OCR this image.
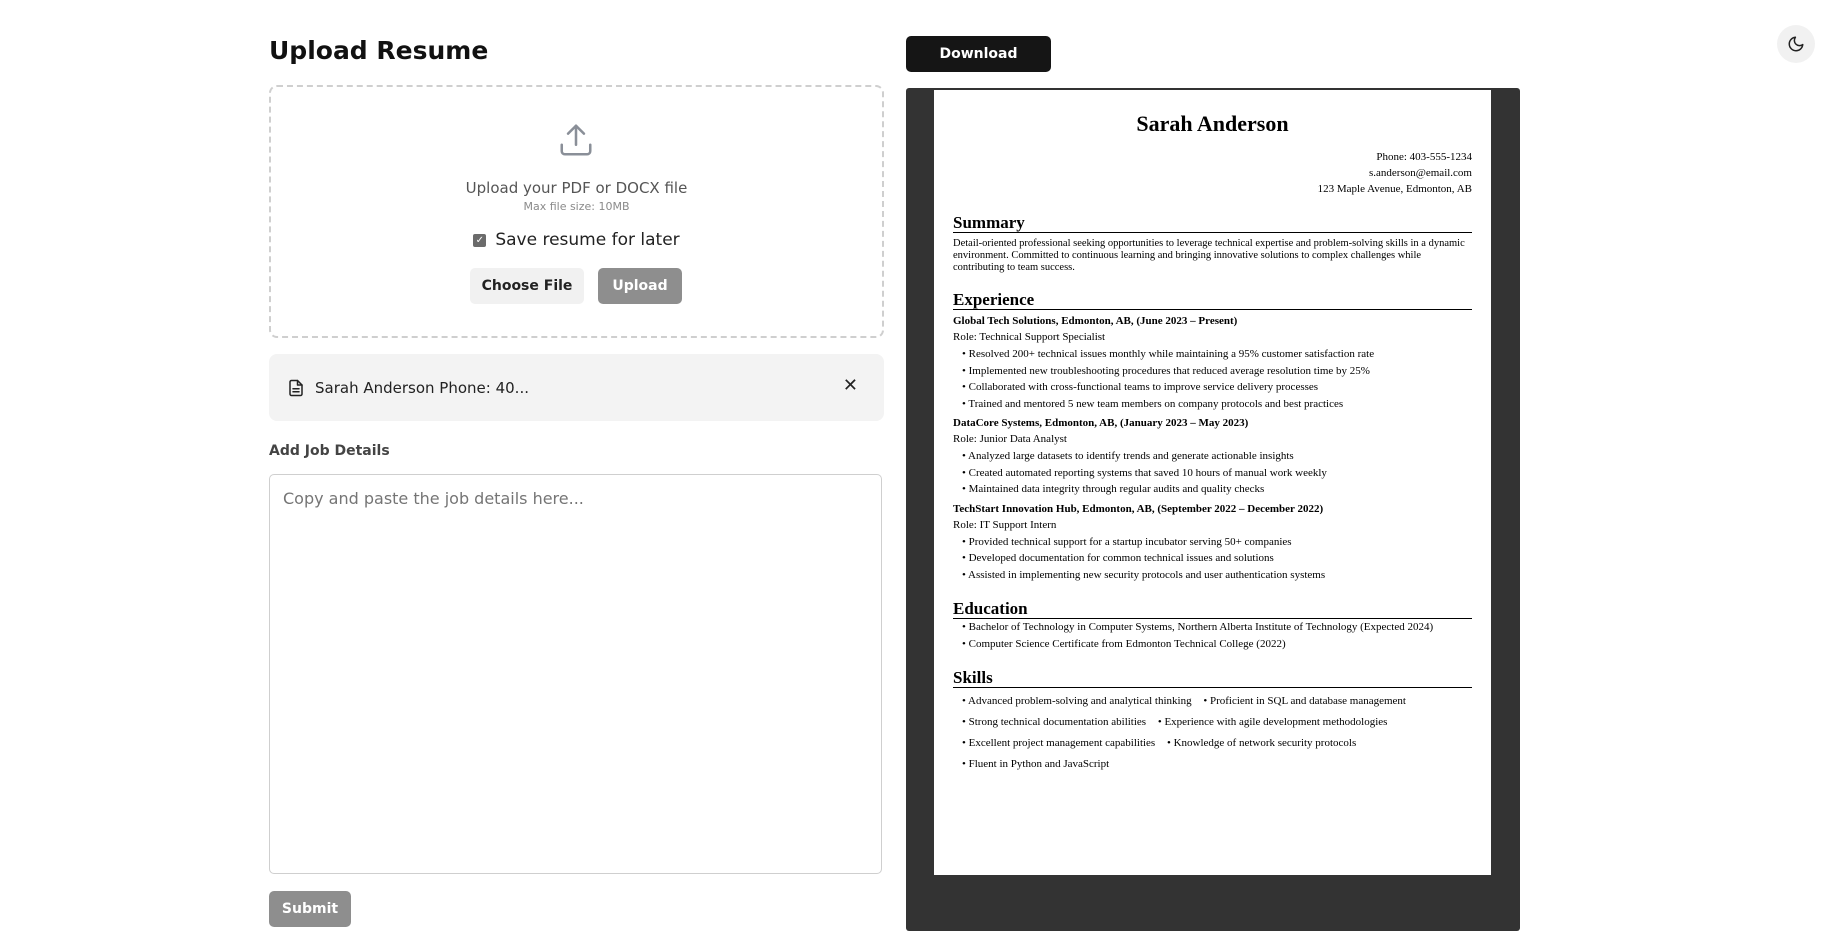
Upload Resume
Upload your PDF or DOCX file
Max file size: 10MB
✓ Save resume for later
Choose File	Upload
Sarah Anderson Phone: 40...	✕
Add Job Details
Copy and paste the job details here...
Submit
Download
Sarah Anderson
Phone: 403-555-1234
s.anderson@email.com
123 Maple Avenue, Edmonton, AB
Summary
Detail-oriented professional seeking opportunities to leverage technical expertise and problem-solving skills in a dynamic environment. Committed to continuous learning and bringing innovative solutions to complex challenges while contributing to team success.
Experience
Global Tech Solutions, Edmonton, AB, (June 2023 – Present)
Role: Technical Support Specialist
• Resolved 200+ technical issues monthly while maintaining a 95% customer satisfaction rate
• Implemented new troubleshooting procedures that reduced average resolution time by 25%
• Collaborated with cross-functional teams to improve service delivery processes
• Trained and mentored 5 new team members on company protocols and best practices
DataCore Systems, Edmonton, AB, (January 2023 – May 2023)
Role: Junior Data Analyst
• Analyzed large datasets to identify trends and generate actionable insights
• Created automated reporting systems that saved 10 hours of manual work weekly
• Maintained data integrity through regular audits and quality checks
TechStart Innovation Hub, Edmonton, AB, (September 2022 – December 2022)
Role: IT Support Intern
• Provided technical support for a startup incubator serving 50+ companies
• Developed documentation for common technical issues and solutions
• Assisted in implementing new security protocols and user authentication systems
Education
• Bachelor of Technology in Computer Systems, Northern Alberta Institute of Technology (Expected 2024)
• Computer Science Certificate from Edmonton Technical College (2022)
Skills
• Advanced problem-solving and analytical thinking • Proficient in SQL and database management
• Strong technical documentation abilities • Experience with agile development methodologies
• Excellent project management capabilities • Knowledge of network security protocols
• Fluent in Python and JavaScript
